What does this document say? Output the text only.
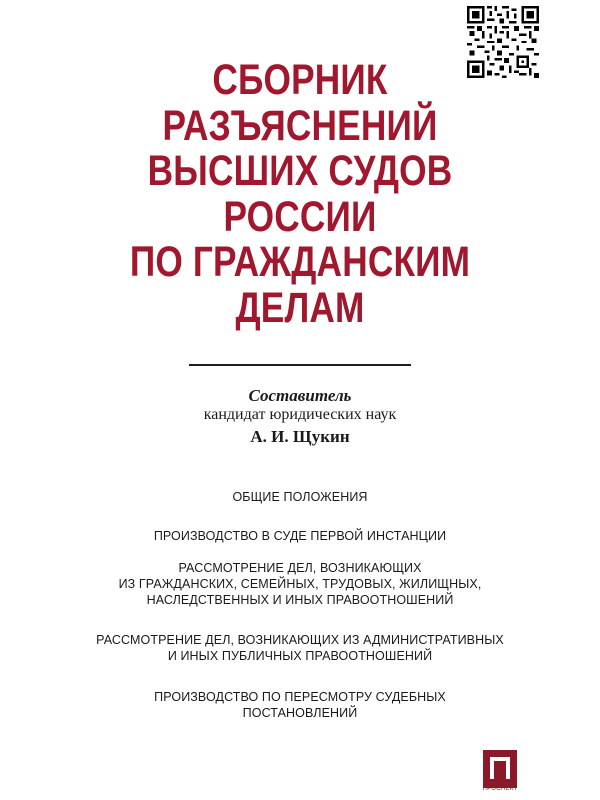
СБОРНИК
РАЗЪЯСНЕНИЙ
ВЫСШИХ СУДОВ
РОССИИ
ПО ГРАЖДАНСКИМ
ДЕЛАМ
Составитель
кандидат юридических наук
А. И. Щукин
ОБЩИЕ ПОЛОЖЕНИЯ
ПРОИЗВОДСТВО В СУДЕ ПЕРВОЙ ИНСТАНЦИИ
РАССМОТРЕНИЕ ДЕЛ, ВОЗНИКАЮЩИХ
ИЗ ГРАЖДАНСКИХ, СЕМЕЙНЫХ, ТРУДОВЫХ, ЖИЛИЩНЫХ,
НАСЛЕДСТВЕННЫХ И ИНЫХ ПРАВООТНОШЕНИЙ
РАССМОТРЕНИЕ ДЕЛ, ВОЗНИКАЮЩИХ ИЗ АДМИНИСТРАТИВНЫХ
И ИНЫХ ПУБЛИЧНЫХ ПРАВООТНОШЕНИЙ
ПРОИЗВОДСТВО ПО ПЕРЕСМОТРУ СУДЕБНЫХ
ПОСТАНОВЛЕНИЙ
ПРОСПЕКТ
